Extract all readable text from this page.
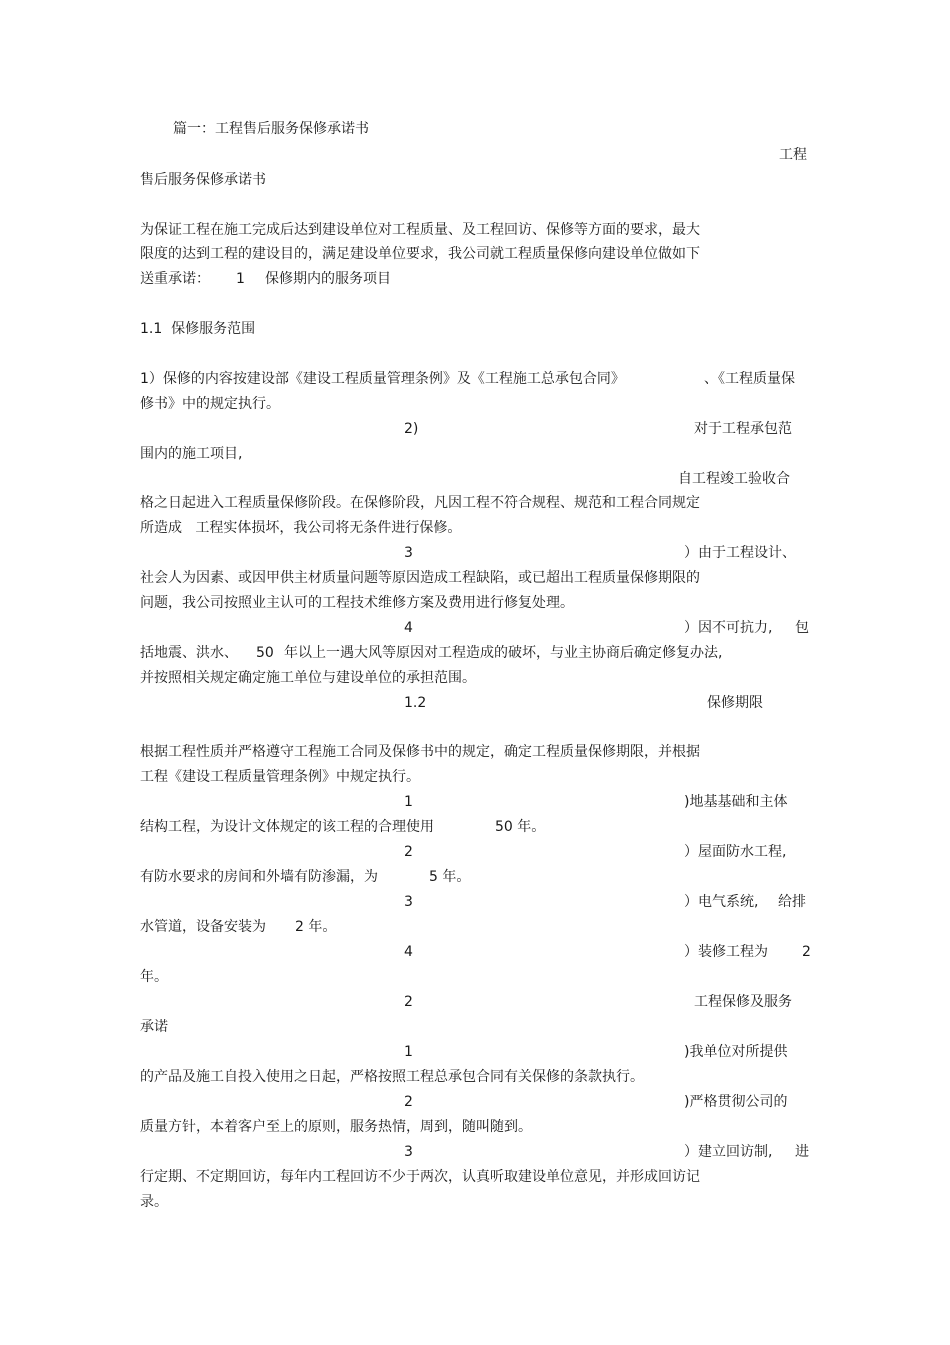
篇一：工程售后服务保修承诺书
工程
售后服务保修承诺书
为保证工程在施工完成后达到建设单位对工程质量、及工程回访、保修等方面的要求，最大
限度的达到工程的建设目的，满足建设单位要求，我公司就工程质量保修向建设单位做如下
送重承诺： 1 保修期内的服务项目
1.1  保修服务范围
1）保修的内容按建设部《建设工程质量管理条例》及《工程施工总承包合同》	、《工程质量保
修书》中的规定执行。
2)	对于工程承包范
围内的施工项目,
自工程竣工验收合
格之日起进入工程质量保修阶段。在保修阶段，凡因工程不符合规程、规范和工程合同规定
所造成   工程实体损坏，我公司将无条件进行保修。
3	）由于工程设计、
社会人为因素、或因甲供主材质量问题等原因造成工程缺陷，或已超出工程质量保修期限的
问题，我公司按照业主认可的工程技术维修方案及费用进行修复处理。
4	）因不可抗力, 包
括地震、洪水、 50 年以上一遇大风等原因对工程造成的破坏，与业主协商后确定修复办法,
并按照相关规定确定施工单位与建设单位的承担范围。
1.2	保修期限
根据工程性质并严格遵守工程施工合同及保修书中的规定，确定工程质量保修期限，并根据
工程《建设工程质量管理条例》中规定执行。
1	)地基基础和主体
结构工程，为设计文体规定的该工程的合理使用	50 年。
2	）屋面防水工程,
有防水要求的房间和外墙有防渗漏，为	5 年。
3	）电气系统, 给排
水管道，设备安装为 2 年。
4	）装修工程为 2
年。
2	工程保修及服务
承诺
1	)我单位对所提供
的产品及施工自投入使用之日起，严格按照工程总承包合同有关保修的条款执行。
2	)严格贯彻公司的
质量方针，本着客户至上的原则，服务热情，周到，随叫随到。
3	）建立回访制, 进
行定期、不定期回访，每年内工程回访不少于两次，认真听取建设单位意见，并形成回访记
录。
